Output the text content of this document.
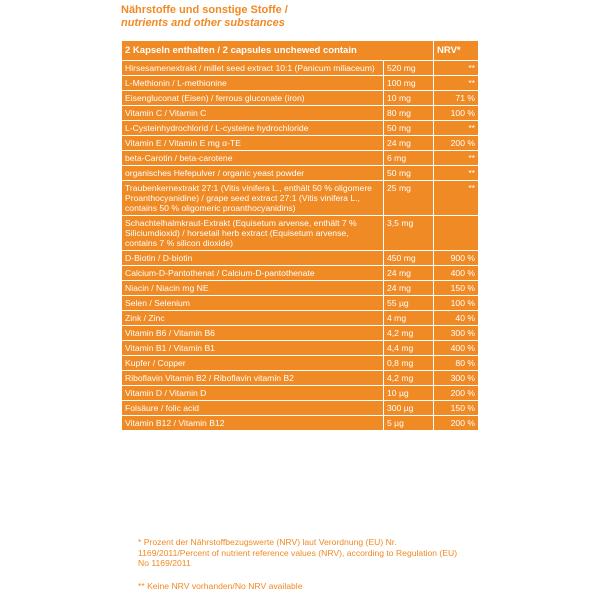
Nährstoffe und sonstige Stoffe /
nutrients and other substances
2 Kapseln enthalten / 2 capsules unchewed contain		NRV*
Hirsesamenextrakt / millet seed extract 10:1 (Panicum miliaceum)	520 mg	**
L-Methionin / L-methionine	100 mg	**
Eisengluconat (Eisen) / ferrous gluconate (iron)	10 mg	71 %
Vitamin C / Vitamin C	80 mg	100 %
L-Cysteinhydrochlorid / L-cysteine hydrochloride	50 mg	**
Vitamin E / Vitamin E mg α-TE	24 mg	200 %
beta-Carotin / beta-carotene	6 mg	**
organisches Hefepulver / organic yeast powder	50 mg	**
Traubenkernextrakt 27:1 (Vitis vinifera L., enthält 50 % oligomere Proanthocyanidine) / grape seed extract 27:1 (Vitis vinifera L., contains 50 % oligomeric proanthocyanidins)	25 mg	**
Schachtelhalmkraut-Extrakt (Equisetum arvense, enthält 7 % Siliciumdioxid) / horsetail herb extract (Equisetum arvense, contains 7 % silicon dioxide)	3,5 mg	
D-Biotin / D-biotin	450 mg	900 %
Calcium-D-Pantothenat / Calcium-D-pantothenate	24 mg	400 %
Niacin / Niacin mg NE	24 mg	150 %
Selen / Selenium	55 µg	100 %
Zink / Zinc	4 mg	40 %
Vitamin B6 / Vitamin B6	4,2 mg	300 %
Vitamin B1 / Vitamin B1	4,4 mg	400 %
Kupfer / Copper	0,8 mg	80 %
Riboflavin Vitamin B2 / Riboflavin vitamin B2	4,2 mg	300 %
Vitamin D / Vitamin D	10 µg	200 %
Folsäure / folic acid	300 µg	150 %
Vitamin B12 / Vitamin B12	5 µg	200 %
* Prozent der Nährstoffbezugswerte (NRV) laut Verordnung (EU) Nr. 1169/2011/Percent of nutrient reference values (NRV), according to Regulation (EU) No 1169/2011
** Keine NRV vorhanden/No NRV available
